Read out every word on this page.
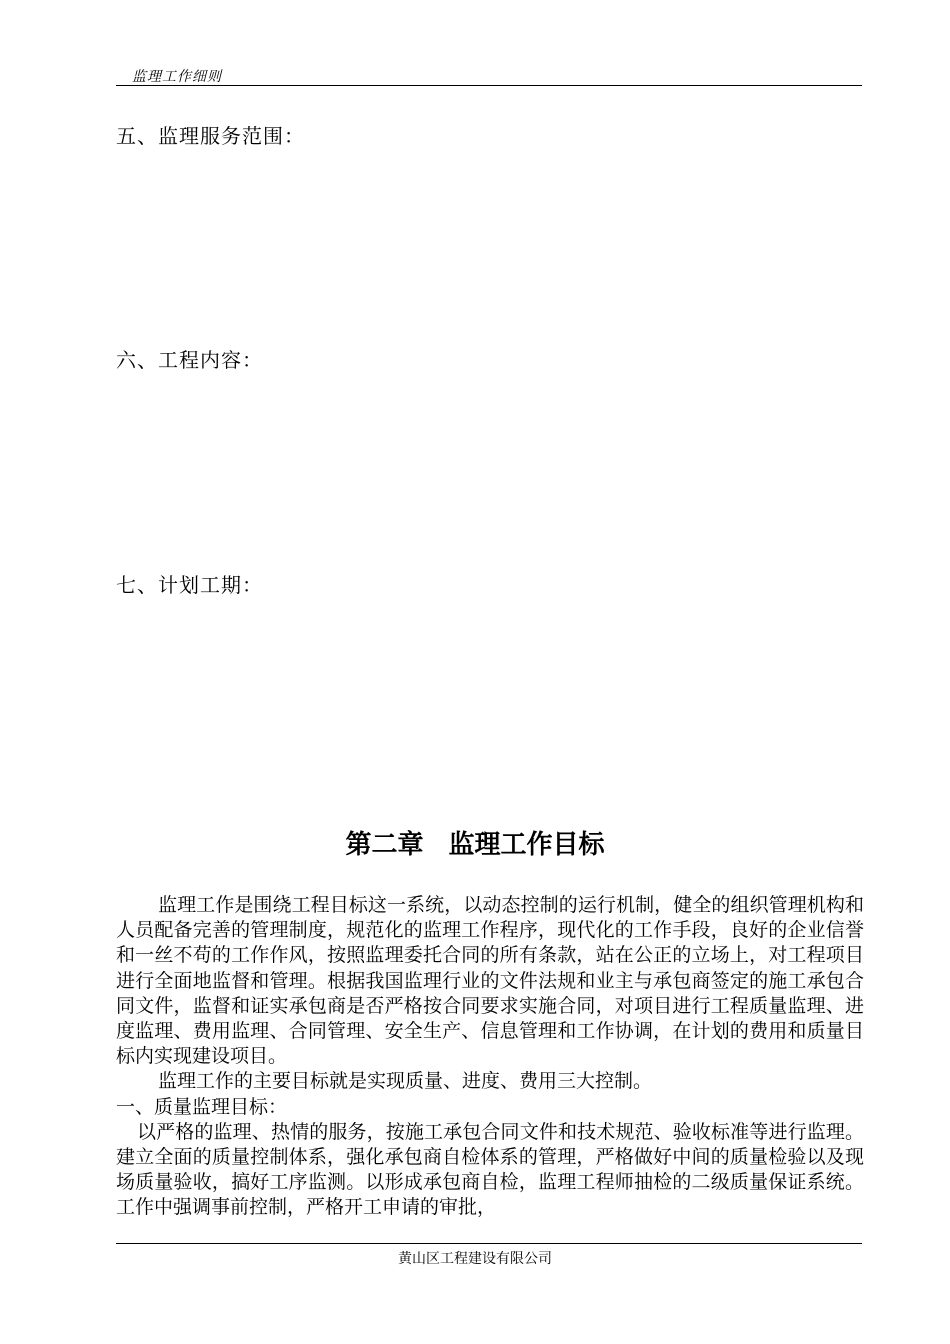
监理工作细则
五、监理服务范围：
六、工程内容：
七、计划工期：
第二章 监理工作目标

监理工作是围绕工程目标这一系统，以动态控制的运行机制，健全的组织管理机构和人员配备完善的管理制度，规范化的监理工作程序，现代化的工作手段，良好的企业信誉和一丝不苟的工作作风，按照监理委托合同的所有条款，站在公正的立场上，对工程项目进行全面地监督和管理。根据我国监理行业的文件法规和业主与承包商签定的施工承包合同文件，监督和证实承包商是否严格按合同要求实施合同，对项目进行工程质量监理、进度监理、费用监理、合同管理、安全生产、信息管理和工作协调，在计划的费用和质量目标内实现建设项目。

监理工作的主要目标就是实现质量、进度、费用三大控制。

一、质量监理目标：

以严格的监理、热情的服务，按施工承包合同文件和技术规范、验收标准等进行监理。建立全面的质量控制体系，强化承包商自检体系的管理，严格做好中间的质量检验以及现场质量验收，搞好工序监测。以形成承包商自检，监理工程师抽检的二级质量保证系统。工作中强调事前控制，严格开工申请的审批，

黄山区工程建设有限公司
